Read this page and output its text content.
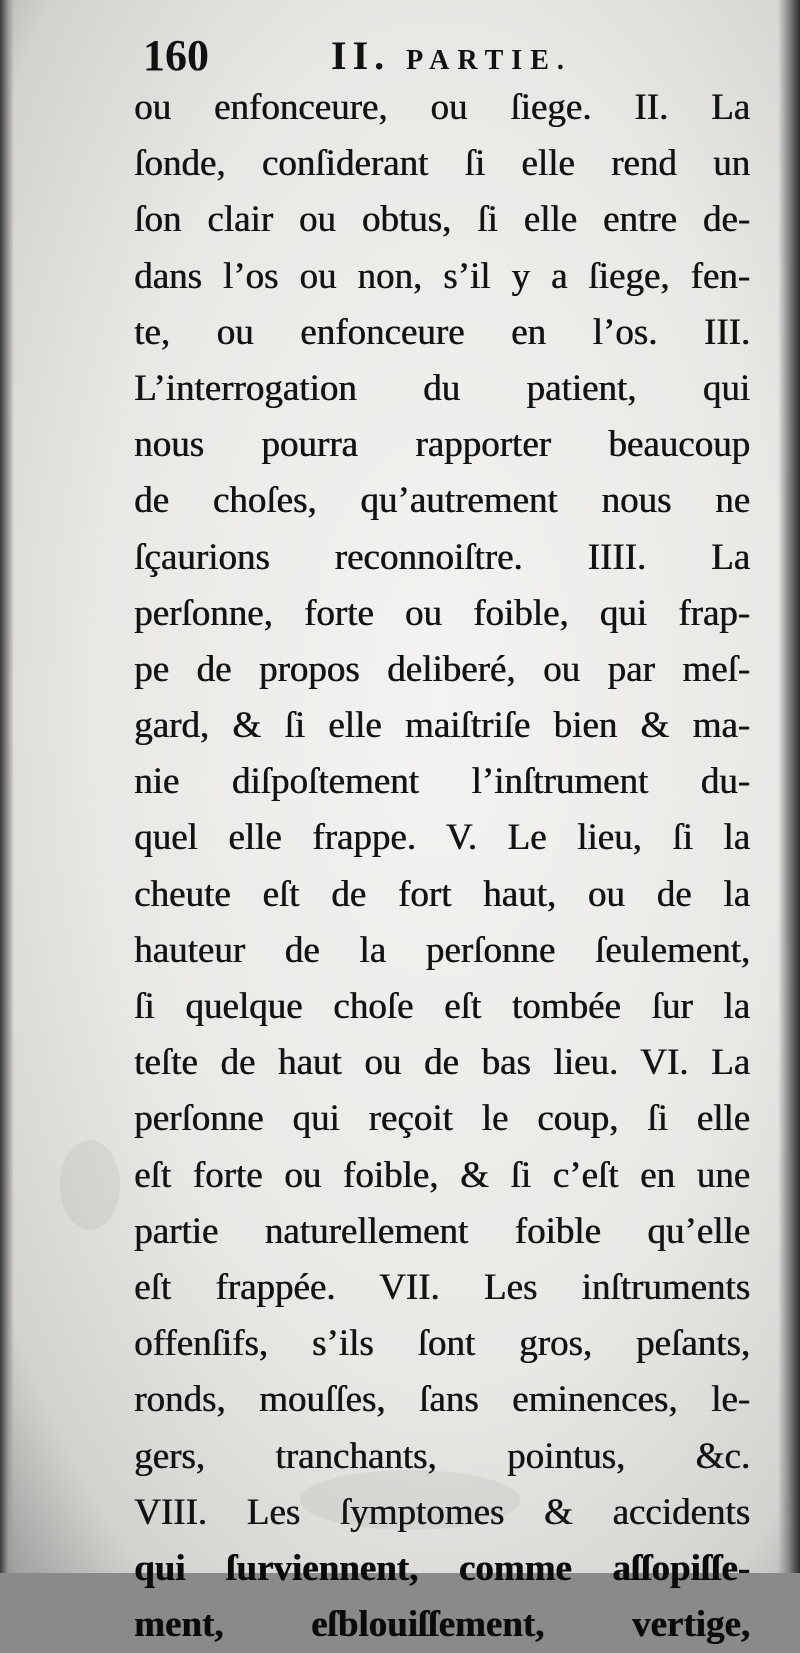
160	II. PARTIE.
ou enfonceure, ou ſiege. II. La
ſonde, conſiderant ſi elle rend un
ſon clair ou obtus, ſi elle entre de-
dans l’os ou non, s’il y a ſiege, fen-
te, ou enfonceure en l’os. III.
L’interrogation du patient, qui
nous pourra rapporter beaucoup
de choſes, qu’autrement nous ne
ſçaurions reconnoiſtre. IIII. La
perſonne, forte ou foible, qui frap-
pe de propos deliberé, ou par meſ-
gard, & ſi elle maiſtriſe bien & ma-
nie diſpoſtement l’inſtrument du-
quel elle frappe. V. Le lieu, ſi la
cheute eſt de fort haut, ou de la
hauteur de la perſonne ſeulement,
ſi quelque choſe eſt tombée ſur la
teſte de haut ou de bas lieu. VI. La
perſonne qui reçoit le coup, ſi elle
eſt forte ou foible, & ſi c’eſt en une
partie naturellement foible qu’elle
eſt frappée. VII. Les inſtruments
offenſifs, s’ils ſont gros, peſants,
ronds, mouſſes, ſans eminences, le-
gers, tranchants, pointus, &c.
VIII. Les ſymptomes & accidents
qui ſurviennent, comme aſſopiſſe-
ment, eſblouiſſement, vertige,
